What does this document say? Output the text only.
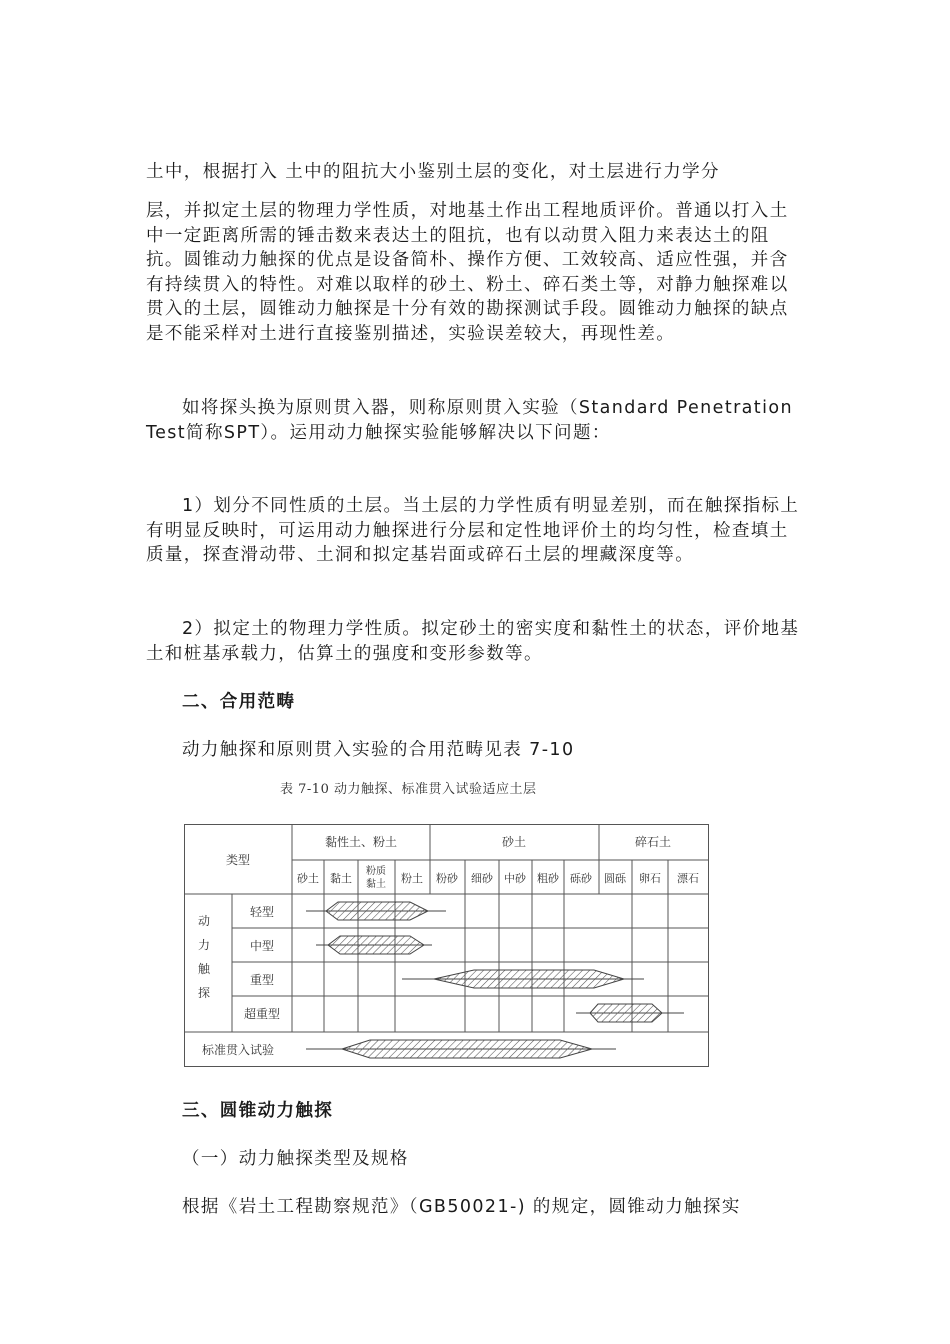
土中，根据打入 土中的阻抗大小鉴别土层的变化，对土层进行力学分

层，并拟定土层的物理力学性质，对地基土作出工程地质评价。普通以打入土中一定距离所需的锤击数来表达土的阻抗，也有以动贯入阻力来表达土的阻抗。圆锥动力触探的优点是设备简朴、操作方便、工效较高、适应性强，并含有持续贯入的特性。对难以取样的砂土、粉土、碎石类土等，对静力触探难以贯入的土层，圆锥动力触探是十分有效的勘探测试手段。圆锥动力触探的缺点是不能采样对土进行直接鉴别描述，实验误差较大，再现性差。

如将探头换为原则贯入器，则称原则贯入实验（Standard Penetration Test简称SPT）。运用动力触探实验能够解决以下问题：

1）划分不同性质的土层。当土层的力学性质有明显差别，而在触探指标上有明显反映时，可运用动力触探进行分层和定性地评价土的均匀性，检查填土质量，探查滑动带、土洞和拟定基岩面或碎石土层的埋藏深度等。

2）拟定土的物理力学性质。拟定砂土的密实度和黏性土的状态，评价地基土和桩基承载力，估算土的强度和变形参数等。

二、合用范畴

动力触探和原则贯入实验的合用范畴见表 7-10

表 7-10 动力触探、标准贯入试验适应土层
类型
黏性土、粉土	砂土	碎石土
砂土 黏土
粉质
黏土 粉土 粉砂 细砂 中砂 粗砂 砾砂 圆砾 卵石 漂石
动
力
触
探
轻型
中型
重型
超重型
标准贯入试验

三、圆锥动力触探

（一）动力触探类型及规格

根据《岩土工程勘察规范》（GB50021-) 的规定，圆锥动力触探实
